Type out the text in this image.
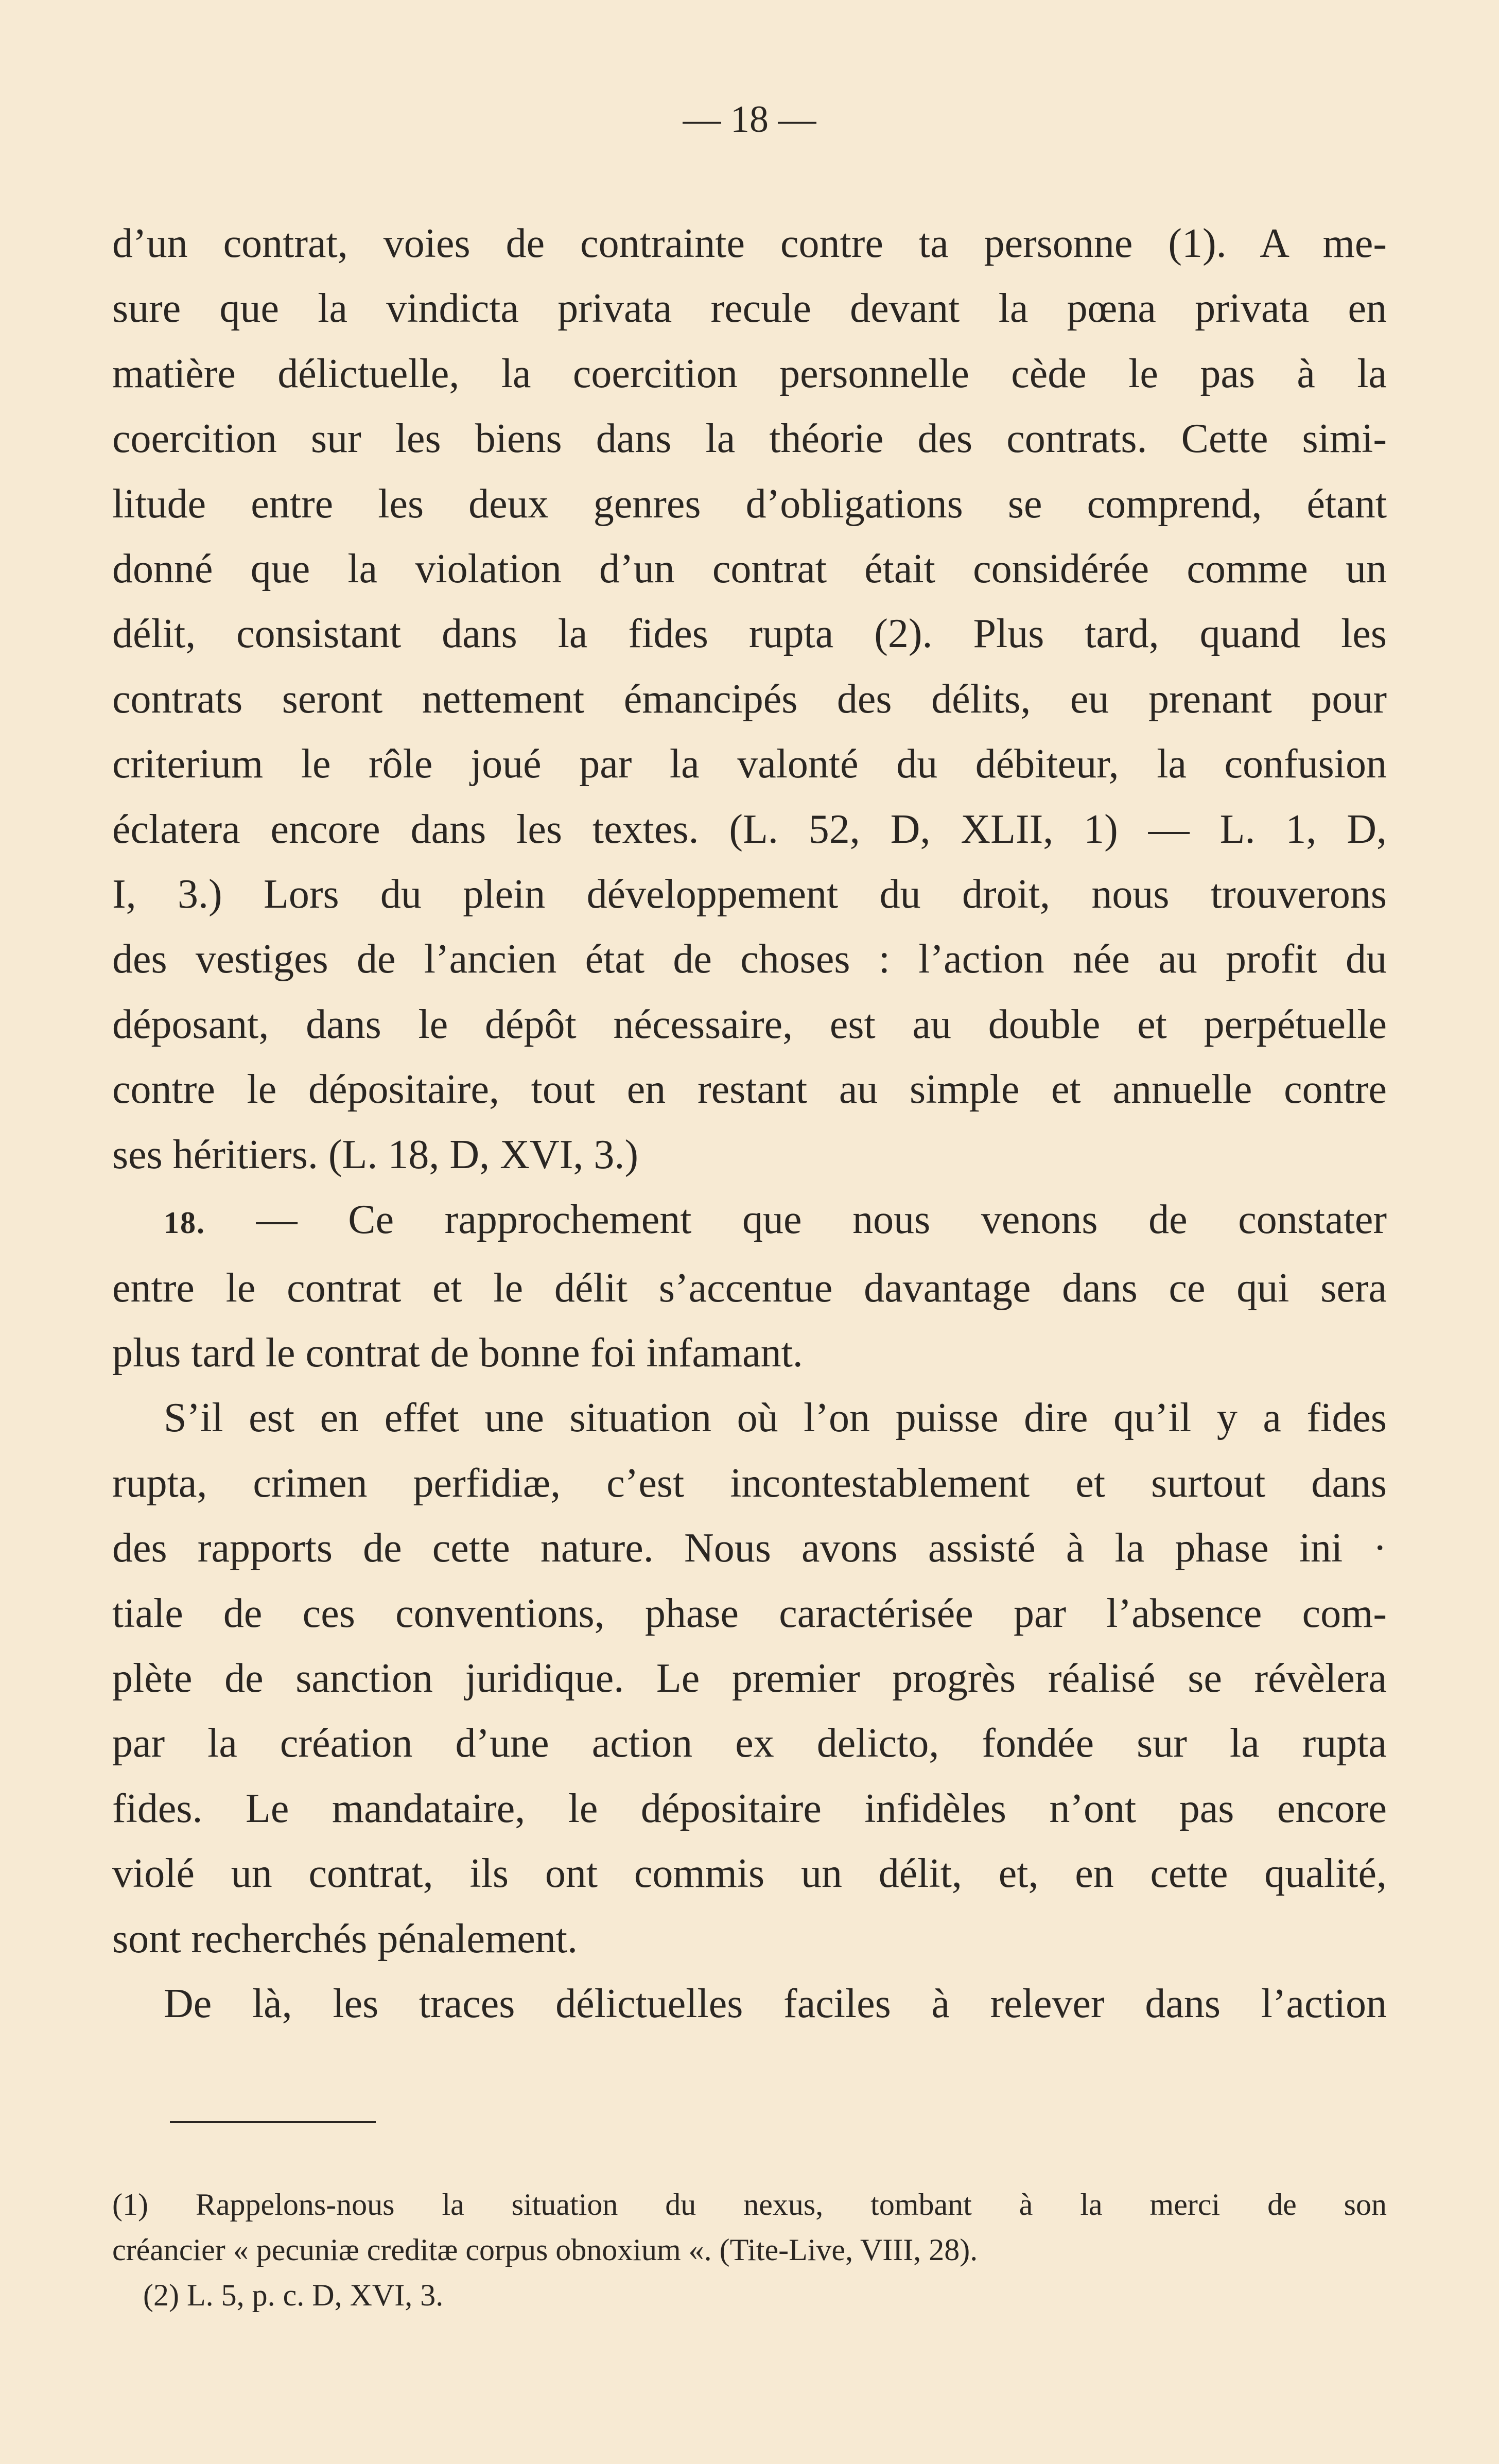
— 18 —

d’un contrat, voies de contrainte contre ta personne (1). A me-
sure que la vindicta privata recule devant la pœna privata en
matière délictuelle, la coercition personnelle cède le pas à la
coercition sur les biens dans la théorie des contrats. Cette simi-
litude entre les deux genres d’obligations se comprend, étant
donné que la violation d’un contrat était considérée comme un
délit, consistant dans la fides rupta (2). Plus tard, quand les
contrats seront nettement émancipés des délits, eu prenant pour
criterium le rôle joué par la valonté du débiteur, la confusion
éclatera encore dans les textes. (L. 52, D, XLII, 1) — L. 1, D,
I, 3.) Lors du plein développement du droit, nous trouverons
des vestiges de l’ancien état de choses : l’action née au profit du
déposant, dans le dépôt nécessaire, est au double et perpétuelle
contre le dépositaire, tout en restant au simple et annuelle contre
ses héritiers. (L. 18, D, XVI, 3.)

18. — Ce rapprochement que nous venons de constater
entre le contrat et le délit s’accentue davantage dans ce qui sera
plus tard le contrat de bonne foi infamant.

S’il est en effet une situation où l’on puisse dire qu’il y a fides
rupta, crimen perfidiæ, c’est incontestablement et surtout dans
des rapports de cette nature. Nous avons assisté à la phase ini ·
tiale de ces conventions, phase caractérisée par l’absence com-
plète de sanction juridique. Le premier progrès réalisé se révèlera
par la création d’une action ex delicto, fondée sur la rupta
fides. Le mandataire, le dépositaire infidèles n’ont pas encore
violé un contrat, ils ont commis un délit, et, en cette qualité,
sont recherchés pénalement.

De là, les traces délictuelles faciles à relever dans l’action

(1) Rappelons-nous la situation du nexus, tombant à la merci de son
créancier « pecuniæ creditæ corpus obnoxium «. (Tite-Live, VIII, 28).
(2) L. 5, p. c. D, XVI, 3.
